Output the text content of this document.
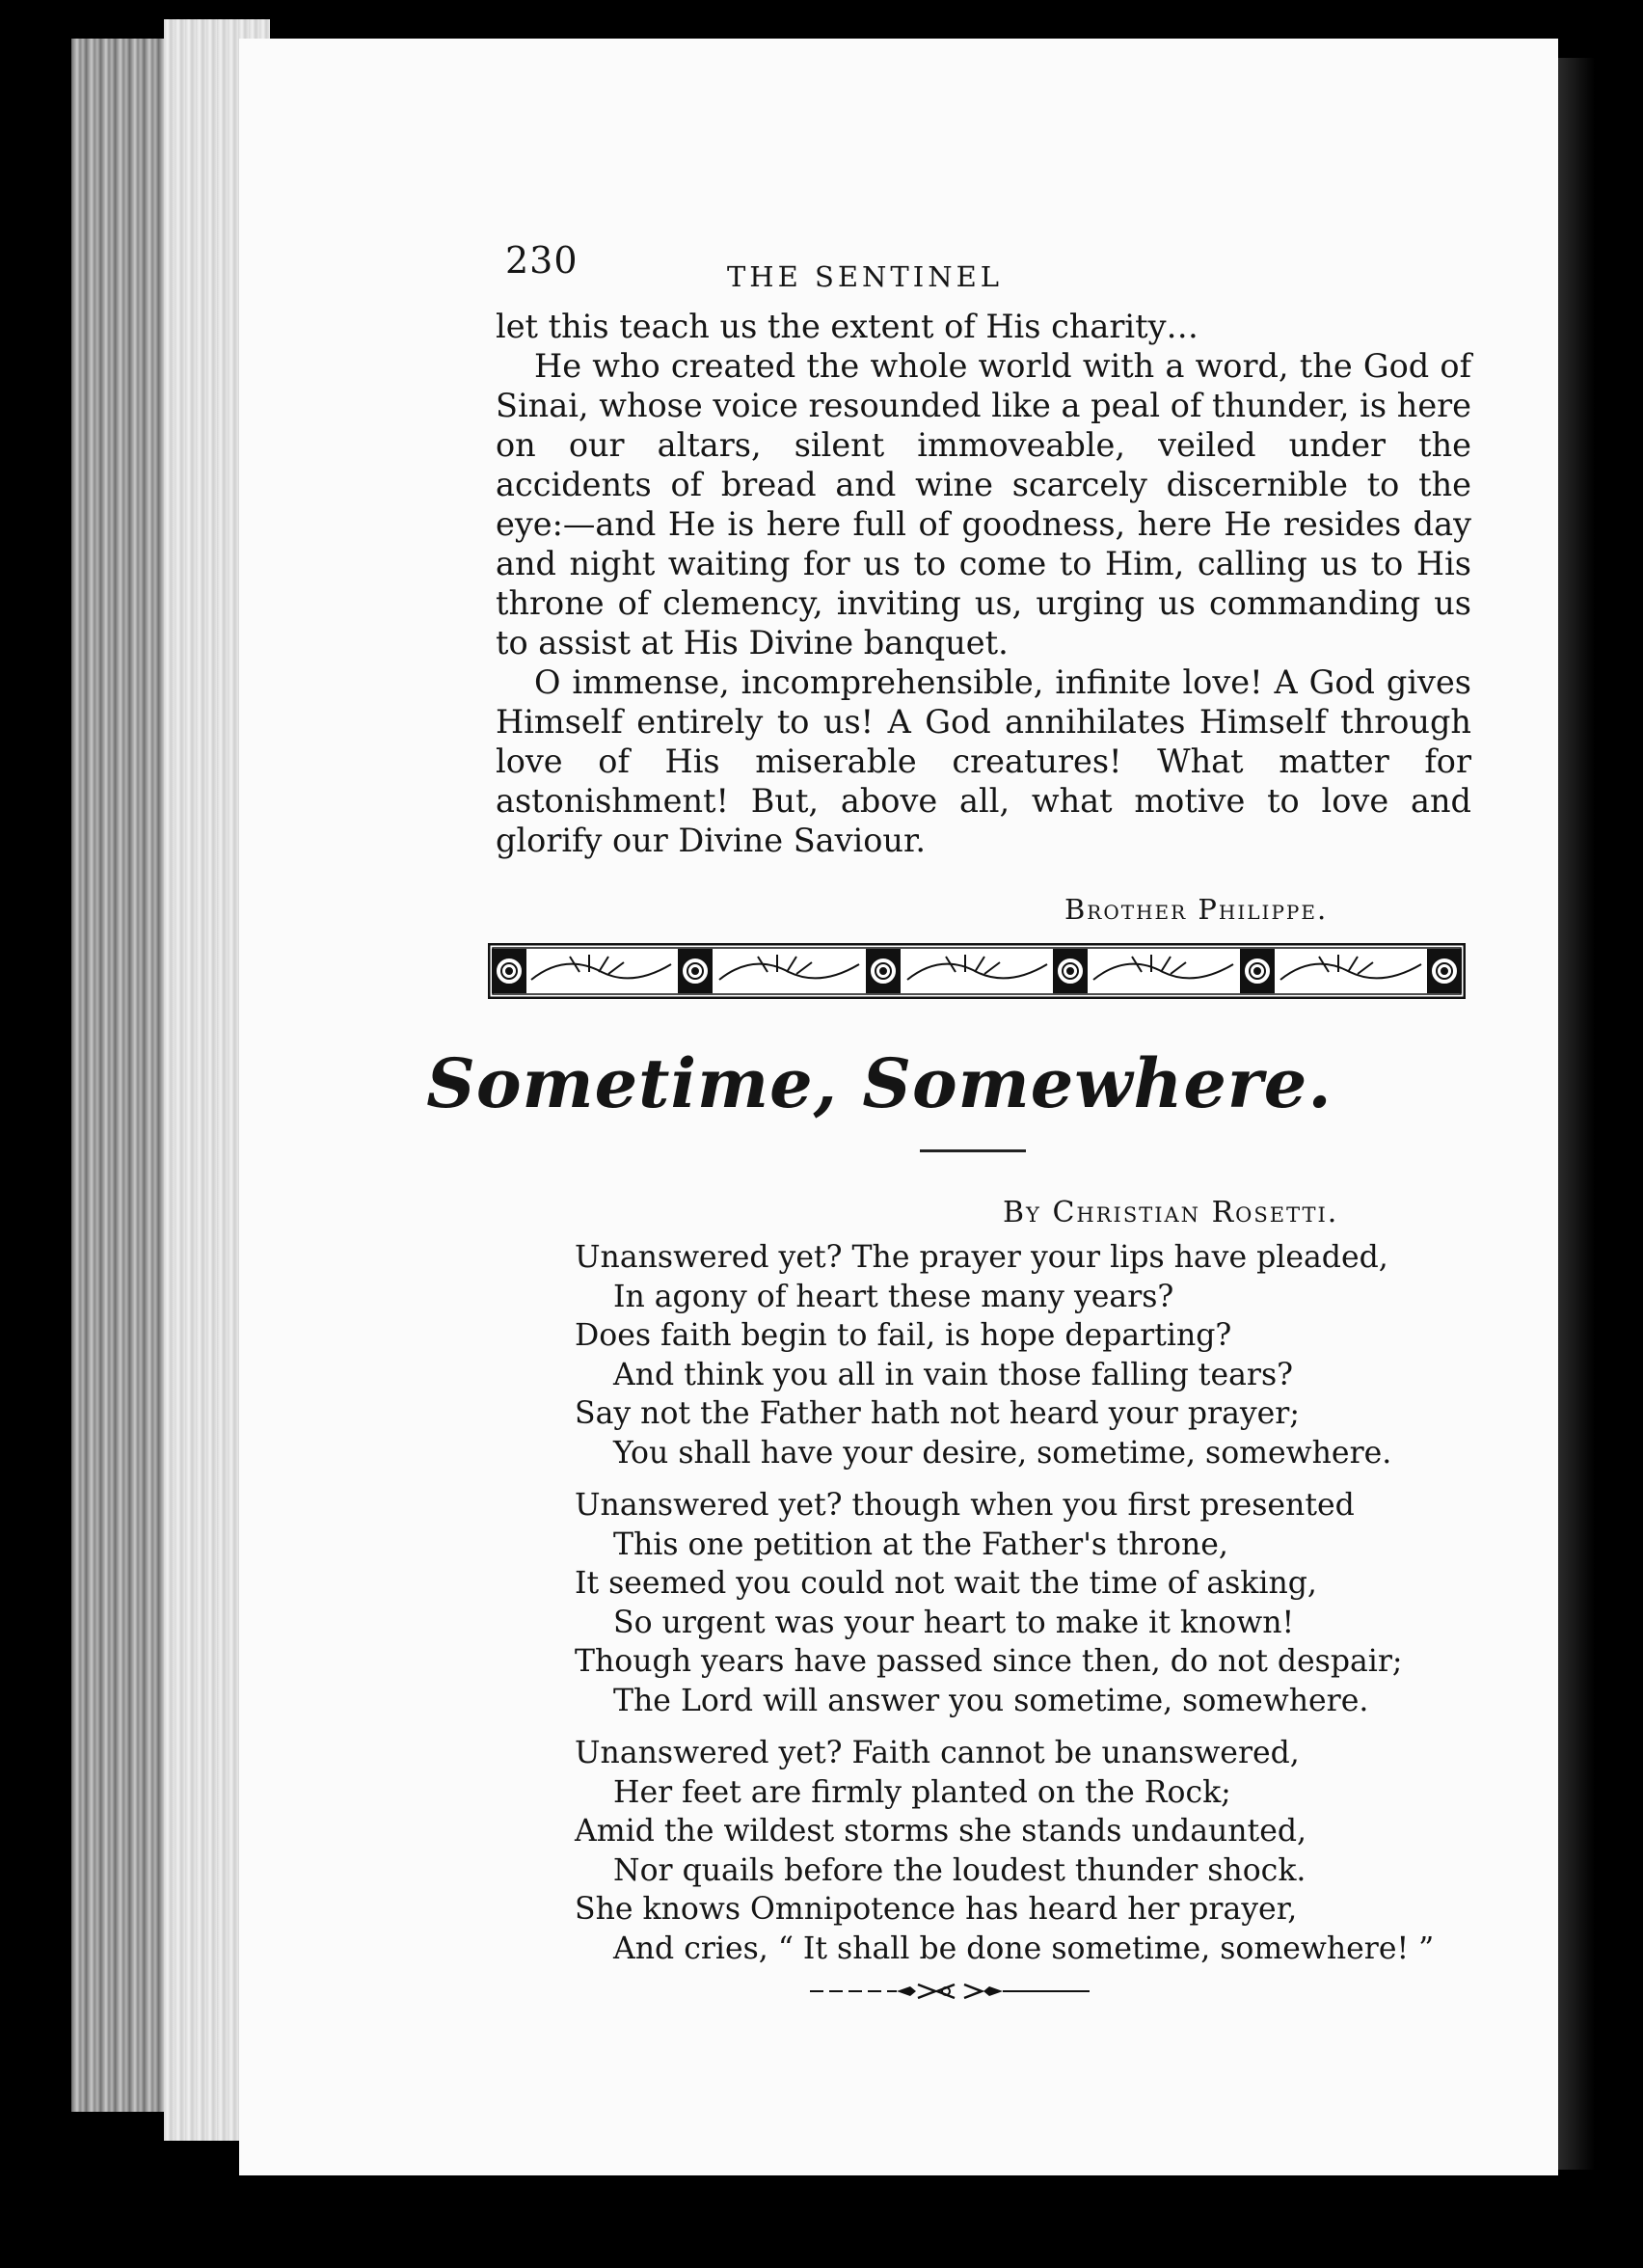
230	THE SENTINEL

let this teach us the extent of His charity…

He who created the whole world with a word, the God of Sinai, whose voice resounded like a peal of thunder, is here on our altars, silent immoveable, veiled under the accidents of bread and wine scarcely discernible to the eye:—and He is here full of goodness, here He resides day and night waiting for us to come to Him, calling us to His throne of clemency, inviting us, urging us commanding us to assist at His Divine banquet.

O immense, incomprehensible, infinite love! A God gives Himself entirely to us! A God annihilates Himself through love of His miserable creatures! What matter for astonishment! But, above all, what motive to love and glorify our Divine Saviour.

Brother Philippe.
Sometime, Somewhere.
By Christian Rosetti.
Unanswered yet? The prayer your lips have pleaded,
In agony of heart these many years?
Does faith begin to fail, is hope departing?
And think you all in vain those falling tears?
Say not the Father hath not heard your prayer;
You shall have your desire, sometime, somewhere.
Unanswered yet? though when you first presented
This one petition at the Father's throne,
It seemed you could not wait the time of asking,
So urgent was your heart to make it known!
Though years have passed since then, do not despair;
The Lord will answer you sometime, somewhere.
Unanswered yet? Faith cannot be unanswered,
Her feet are firmly planted on the Rock;
Amid the wildest storms she stands undaunted,
Nor quails before the loudest thunder shock.
She knows Omnipotence has heard her prayer,
And cries, “ It shall be done sometime, somewhere! ”
